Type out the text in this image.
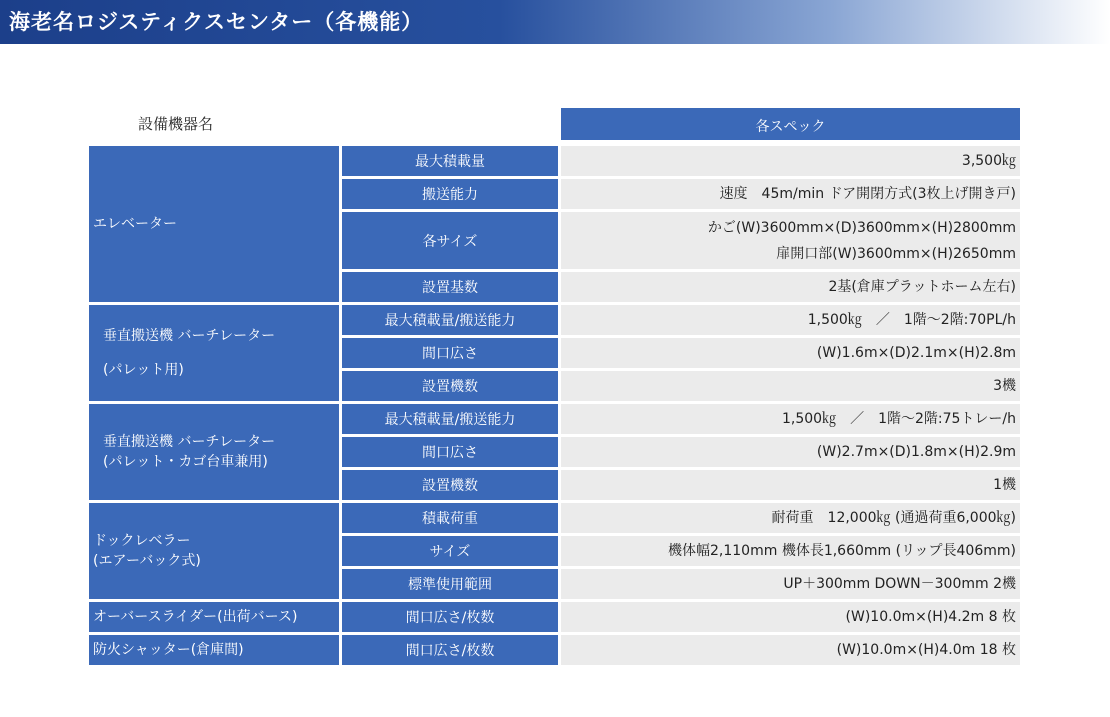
海老名ロジスティクスセンター（各機能）
設備機器名	各スペック
エレベーター	最大積載量	3,500㎏

	搬送能力	速度　45m/min ドア開閉方式(3枚上げ開き戸)

	各サイズ	かご(W)3600mm×(D)3600mm×(H)2800mm
扉開口部(W)3600mm×(H)2650mm

	設置基数	2基(倉庫プラットホーム左右)

垂直搬送機 バーチレーター
(パレット用)	最大積載量/搬送能力	1,500㎏　／　1階～2階:70PL/h

	間口広さ	(W)1.6m×(D)2.1m×(H)2.8m

	設置機数	3機

垂直搬送機 バーチレーター
(パレット・カゴ台車兼用)	最大積載量/搬送能力	1,500㎏　／　1階～2階:75トレー/h

	間口広さ	(W)2.7m×(D)1.8m×(H)2.9m

	設置機数	1機

ドックレベラー
(エアーバック式)	積載荷重	耐荷重　12,000㎏ (通過荷重6,000㎏)

	サイズ	機体幅2,110mm 機体長1,660mm (リップ長406mm)

	標準使用範囲	UP＋300mm DOWN－300mm 2機

オーバースライダー(出荷バース)	間口広さ/枚数	(W)10.0m×(H)4.2m 8 枚

防火シャッター(倉庫間)	間口広さ/枚数	(W)10.0m×(H)4.0m 18 枚
